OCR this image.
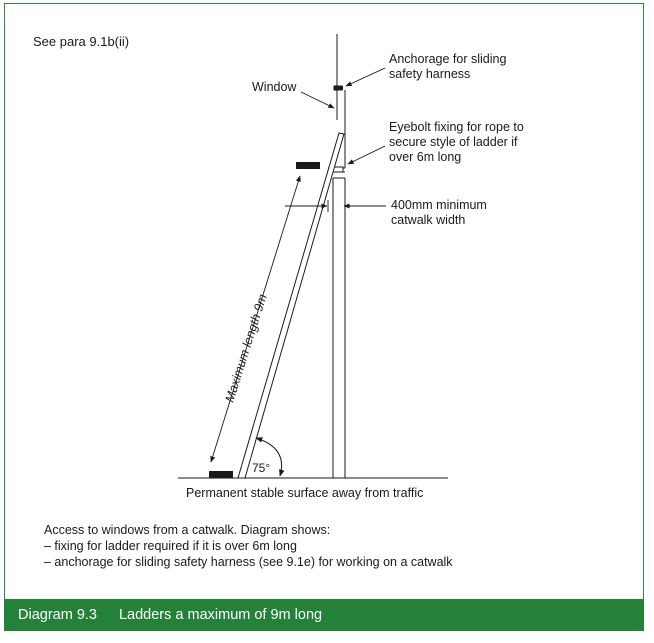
See para 9.1b(ii)
Maximum length 9m
75°
Window
Anchorage for sliding safety harness
Eyebolt fixing for rope to secure style of ladder if over 6m long
400mm minimum catwalk width
Permanent stable surface away from traffic
Access to windows from a catwalk. Diagram shows:
– fixing for ladder required if it is over 6m long
– anchorage for sliding safety harness (see 9.1e) for working on a catwalk
Diagram 9.3 Ladders a maximum of 9m long
